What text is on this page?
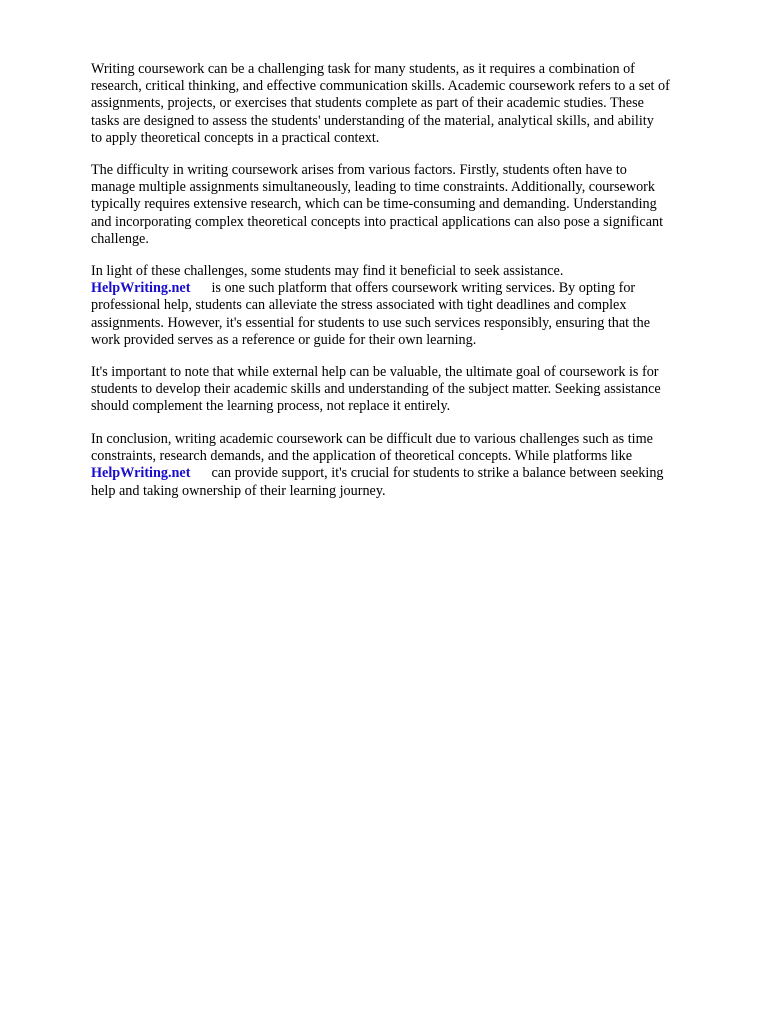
Writing coursework can be a challenging task for many students, as it requires a combination of
research, critical thinking, and effective communication skills. Academic coursework refers to a set of
assignments, projects, or exercises that students complete as part of their academic studies. These
tasks are designed to assess the students' understanding of the material, analytical skills, and ability
to apply theoretical concepts in a practical context.

The difficulty in writing coursework arises from various factors. Firstly, students often have to
manage multiple assignments simultaneously, leading to time constraints. Additionally, coursework
typically requires extensive research, which can be time-consuming and demanding. Understanding
and incorporating complex theoretical concepts into practical applications can also pose a significant
challenge.

In light of these challenges, some students may find it beneficial to seek assistance.
HelpWriting.net is one such platform that offers coursework writing services. By opting for
professional help, students can alleviate the stress associated with tight deadlines and complex
assignments. However, it's essential for students to use such services responsibly, ensuring that the
work provided serves as a reference or guide for their own learning.

It's important to note that while external help can be valuable, the ultimate goal of coursework is for
students to develop their academic skills and understanding of the subject matter. Seeking assistance
should complement the learning process, not replace it entirely.

In conclusion, writing academic coursework can be difficult due to various challenges such as time
constraints, research demands, and the application of theoretical concepts. While platforms like
HelpWriting.net can provide support, it's crucial for students to strike a balance between seeking
help and taking ownership of their learning journey.
